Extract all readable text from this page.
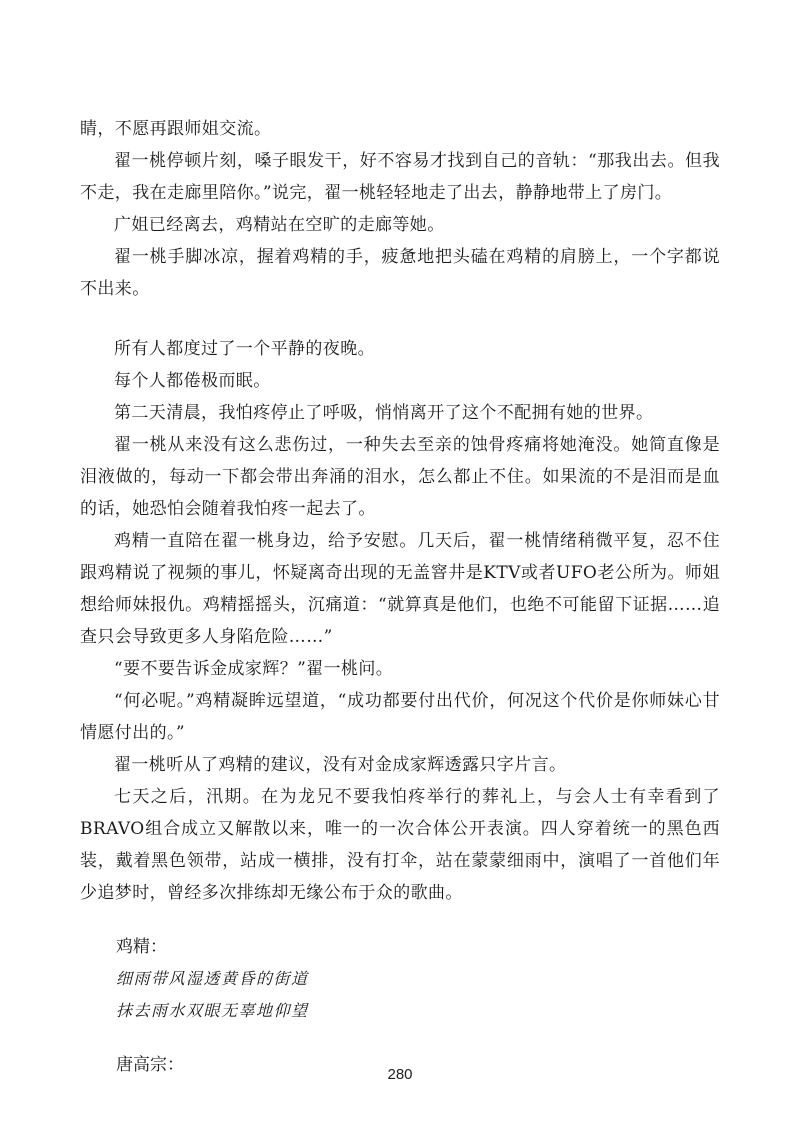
睛，不愿再跟师姐交流。

翟一桃停顿片刻，嗓子眼发干，好不容易才找到自己的音轨：“那我出去。但我不走，我在走廊里陪你。”说完，翟一桃轻轻地走了出去，静静地带上了房门。

广姐已经离去，鸡精站在空旷的走廊等她。

翟一桃手脚冰凉，握着鸡精的手，疲惫地把头磕在鸡精的肩膀上，一个字都说不出来。

所有人都度过了一个平静的夜晚。

每个人都倦极而眠。

第二天清晨，我怕疼停止了呼吸，悄悄离开了这个不配拥有她的世界。

翟一桃从来没有这么悲伤过，一种失去至亲的蚀骨疼痛将她淹没。她简直像是泪液做的，每动一下都会带出奔涌的泪水，怎么都止不住。如果流的不是泪而是血的话，她恐怕会随着我怕疼一起去了。

鸡精一直陪在翟一桃身边，给予安慰。几天后，翟一桃情绪稍微平复，忍不住跟鸡精说了视频的事儿，怀疑离奇出现的无盖窨井是KTV或者UFO老公所为。师姐想给师妹报仇。鸡精摇摇头，沉痛道：“就算真是他们，也绝不可能留下证据……追查只会导致更多人身陷危险……”

“要不要告诉金成家辉？”翟一桃问。

“何必呢。”鸡精凝眸远望道，“成功都要付出代价，何况这个代价是你师妹心甘情愿付出的。”

翟一桃听从了鸡精的建议，没有对金成家辉透露只字片言。

七天之后，汛期。在为龙兄不要我怕疼举行的葬礼上，与会人士有幸看到了BRAVO组合成立又解散以来，唯一的一次合体公开表演。四人穿着统一的黑色西装，戴着黑色领带，站成一横排，没有打伞，站在蒙蒙细雨中，演唱了一首他们年少追梦时，曾经多次排练却无缘公布于众的歌曲。

鸡精：

细雨带风湿透黄昏的街道

抹去雨水双眼无辜地仰望

唐高宗：	280
